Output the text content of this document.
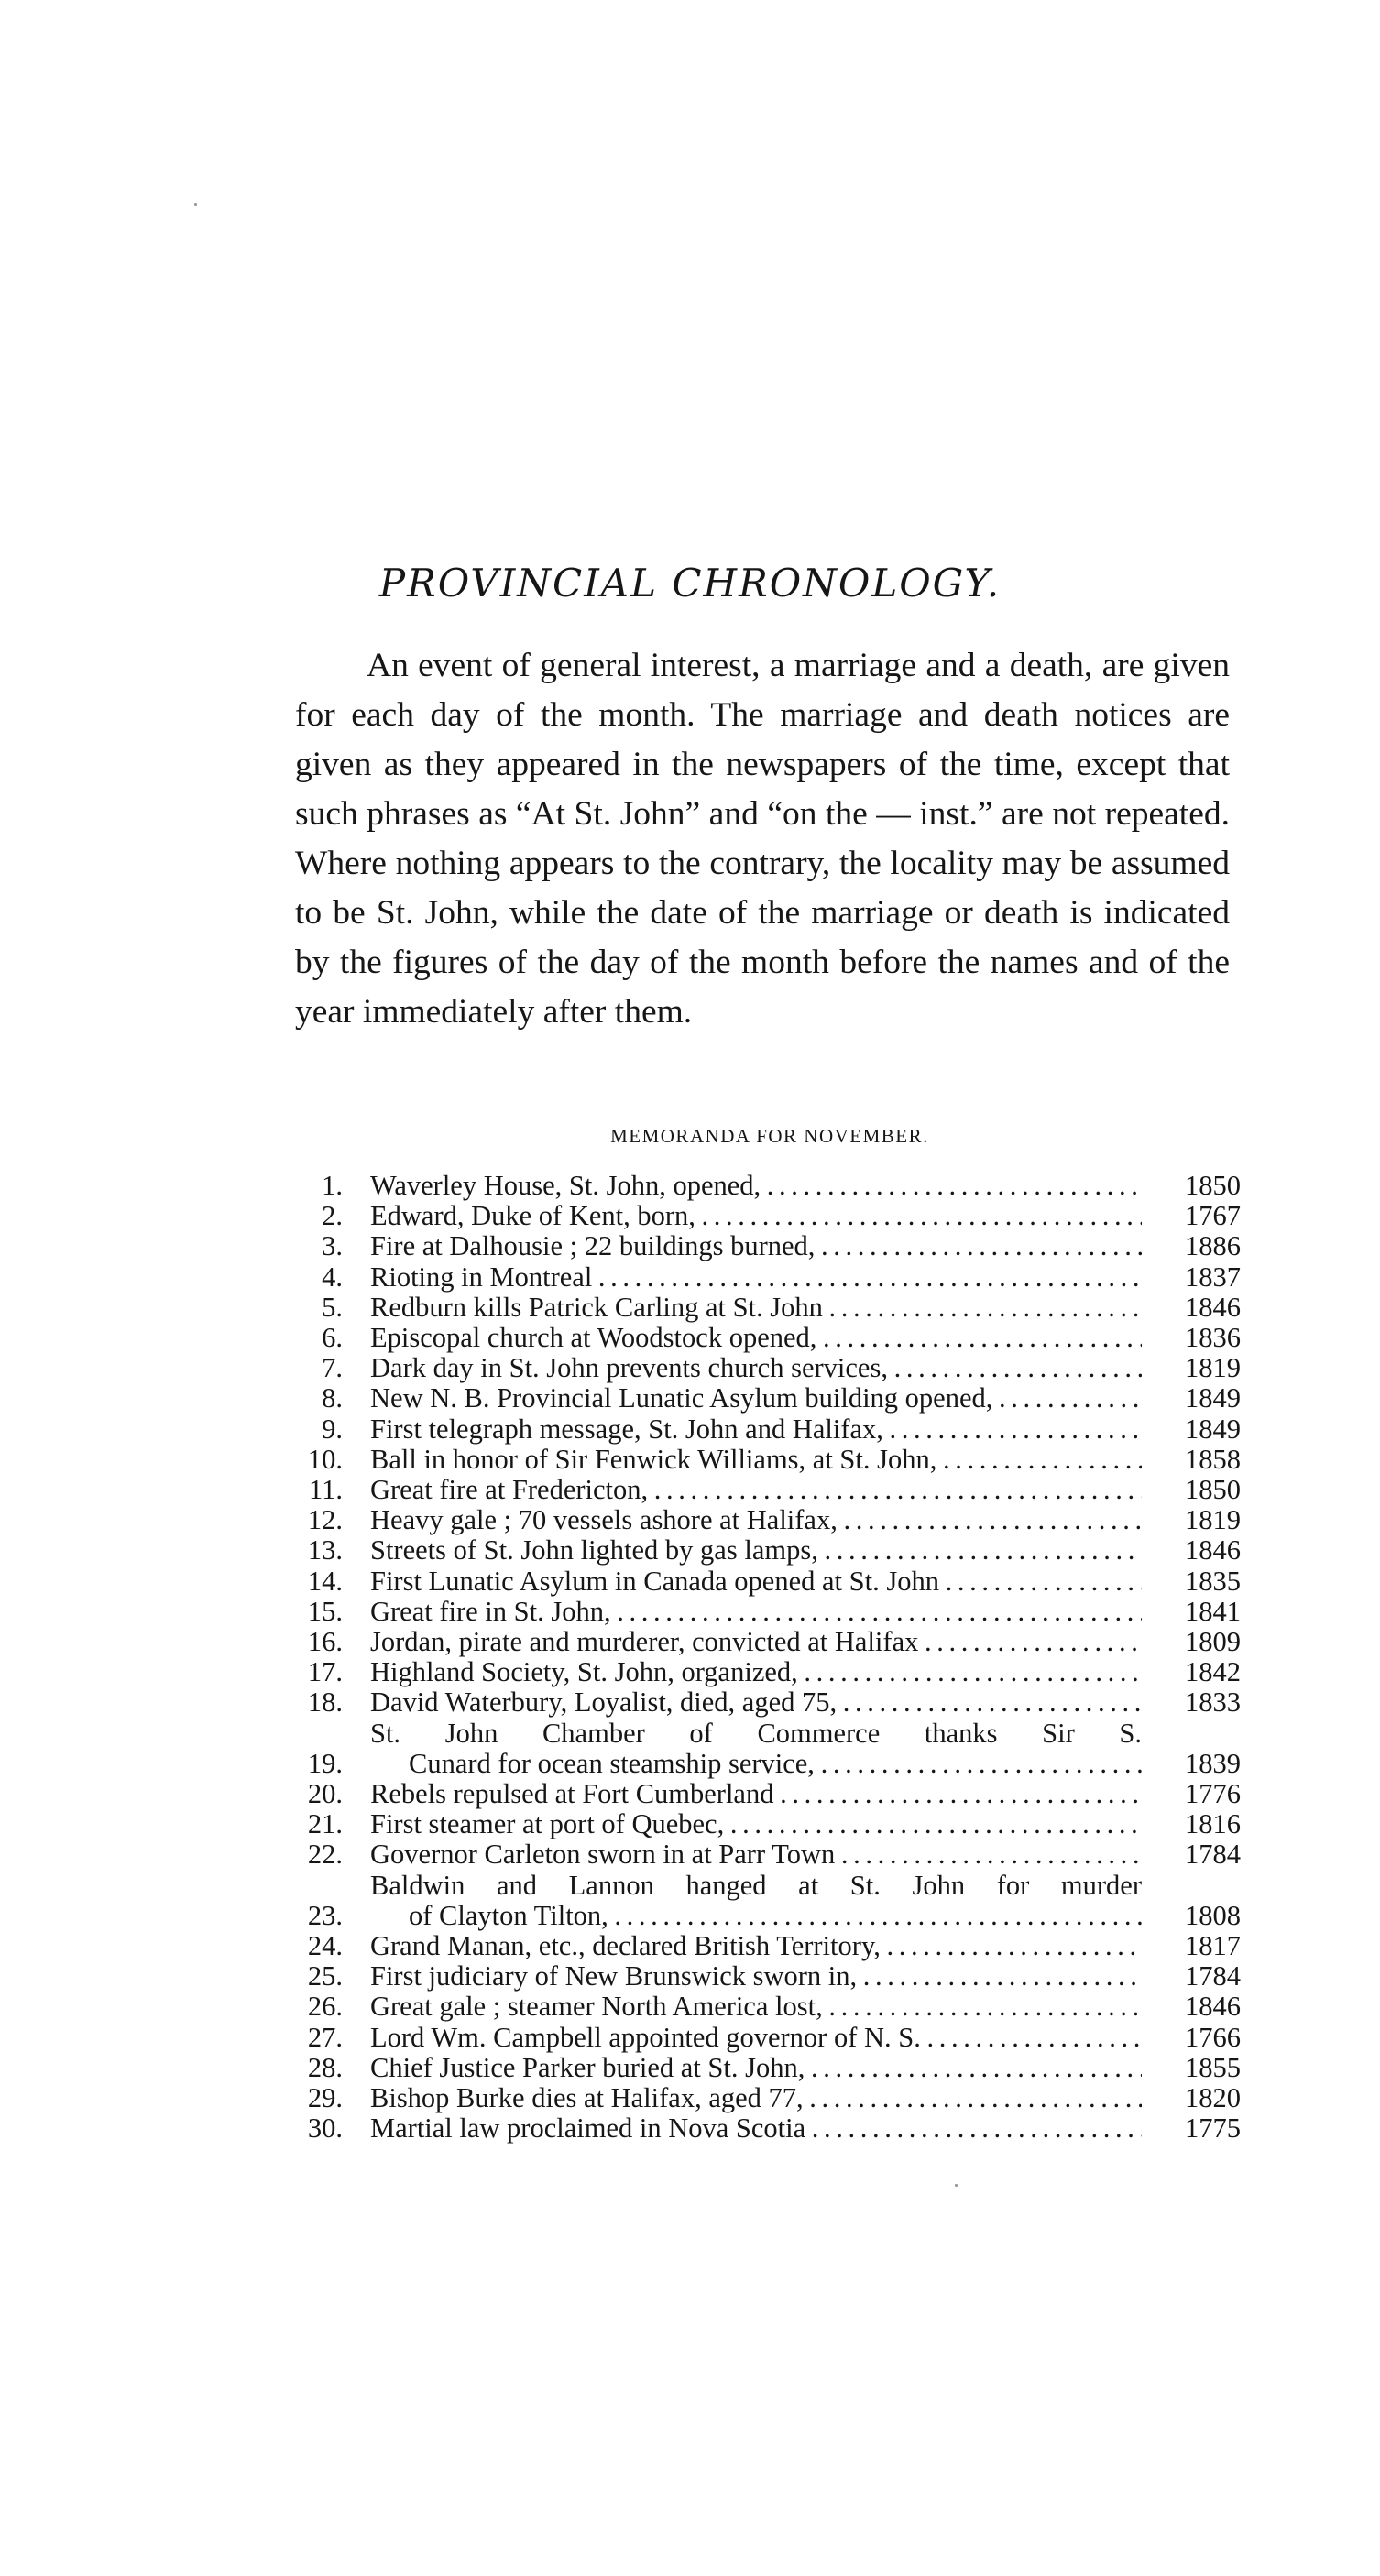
PROVINCIAL CHRONOLOGY.

An event of general interest, a marriage and a death, are given for each day of the month. The marriage and death notices are given as they appeared in the newspapers of the time, except that such phrases as “At St. John” and “on the — inst.” are not repeated. Where nothing appears to the contrary, the locality may be assumed to be St. John, while the date of the marriage or death is indicated by the figures of the day of the month before the names and of the year immediately after them.

MEMORANDA FOR NOVEMBER.
1. Waverley House, St. John, opened, . . .	1850
2. Edward, Duke of Kent, born, . . .	1767
3. Fire at Dalhousie ; 22 buildings burned, . . .	1886
4. Rioting in Montreal . . .	1837
5. Redburn kills Patrick Carling at St. John . . .	1846
6. Episcopal church at Woodstock opened, . . .	1836
7. Dark day in St. John prevents church services, . . .	1819
8. New N. B. Provincial Lunatic Asylum building opened, . . .	1849
9. First telegraph message, St. John and Halifax, . . .	1849
10. Ball in honor of Sir Fenwick Williams, at St. John, . . .	1858
11. Great fire at Fredericton, . . .	1850
12. Heavy gale ; 70 vessels ashore at Halifax, . . .	1819
13. Streets of St. John lighted by gas lamps, . . .	1846
14. First Lunatic Asylum in Canada opened at St. John . . .	1835
15. Great fire in St. John, . . .	1841
16. Jordan, pirate and murderer, convicted at Halifax . . .	1809
17. Highland Society, St. John, organized, . . .	1842
18. David Waterbury, Loyalist, died, aged 75, . . .	1833
19.
St. John Chamber of Commerce thanks Sir S.
Cunard for ocean steamship service, . . .	1839
20. Rebels repulsed at Fort Cumberland . . .	1776
21. First steamer at port of Quebec, . . .	1816
22. Governor Carleton sworn in at Parr Town . . .	1784
23.
Baldwin and Lannon hanged at St. John for murder
of Clayton Tilton, . . .	1808
24. Grand Manan, etc., declared British Territory, . . .	1817
25. First judiciary of New Brunswick sworn in, . . .	1784
26. Great gale ; steamer North America lost, . . .	1846
27. Lord Wm. Campbell appointed governor of N. S. . . .	1766
28. Chief Justice Parker buried at St. John, . . .	1855
29. Bishop Burke dies at Halifax, aged 77, . . .	1820
30. Martial law proclaimed in Nova Scotia . . .	1775
